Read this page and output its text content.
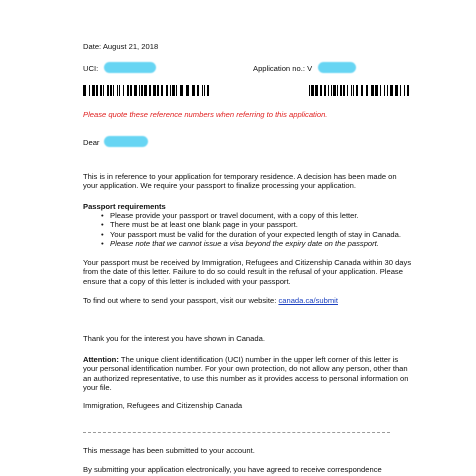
Date: August 21, 2018
UCI:	Application no.: V
Please quote these reference numbers when referring to this application.
Dear

This is in reference to your application for temporary residence. A decision has been made on your application. We require your passport to finalize processing your application.

Passport requirements
• Please provide your passport or travel document, with a copy of this letter.
• There must be at least one blank page in your passport.
• Your passport must be valid for the duration of your expected length of stay in Canada.
• Please note that we cannot issue a visa beyond the expiry date on the passport.

Your passport must be received by Immigration, Refugees and Citizenship Canada within 30 days from the date of this letter. Failure to do so could result in the refusal of your application. Please ensure that a copy of this letter is included with your passport.

To find out where to send your passport, visit our website: canada.ca/submit
Thank you for the interest you have shown in Canada.

Attention: The unique client identification (UCI) number in the upper left corner of this letter is your personal identification number. For your own protection, do not allow any person, other than an authorized representative, to use this number as it provides access to personal information on your file.

Immigration, Refugees and Citizenship Canada
This message has been submitted to your account.
By submitting your application electronically, you have agreed to receive correspondence
